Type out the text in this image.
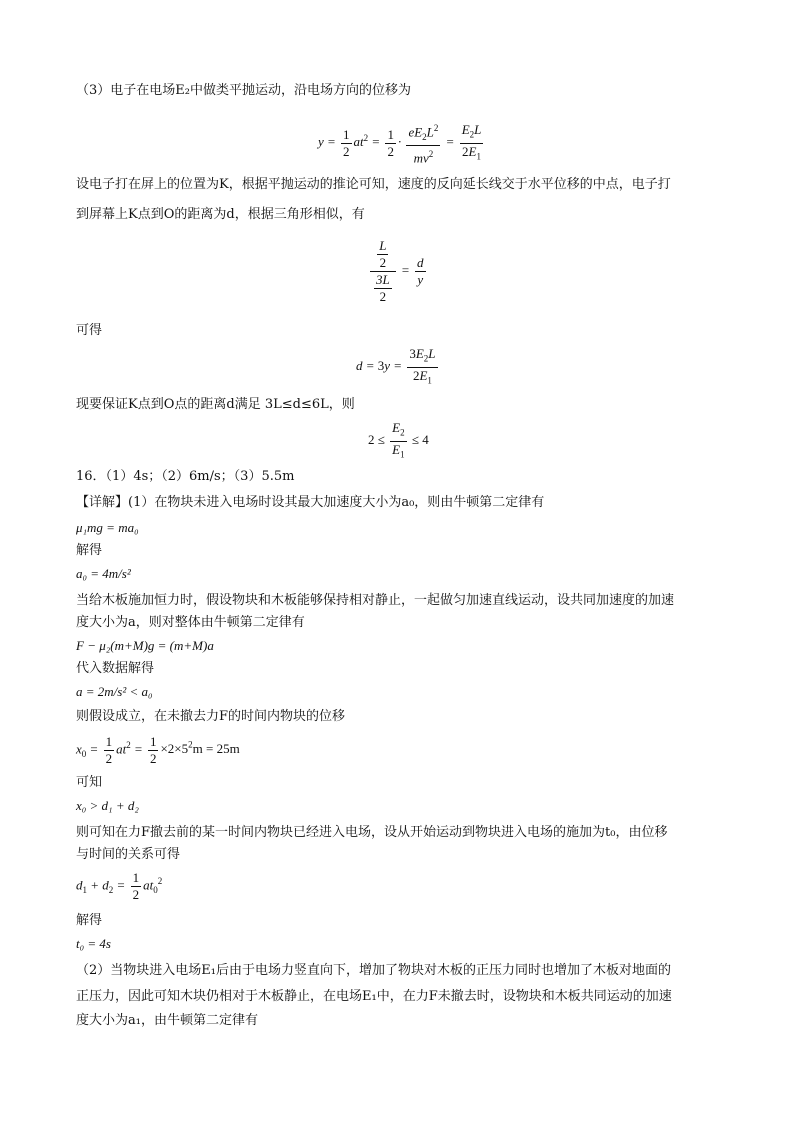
（3）电子在电场E₂中做类平抛运动，沿电场方向的位移为
$y = \frac{1}{2} at^2 = \frac{1}{2} \cdot \frac{eE_2L^2}{mv^2} = \frac{E_2L}{2E_1}$
设电子打在屏上的位置为K，根据平抛运动的推论可知，速度的反向延长线交于水平位移的中点，电子打
到屏幕上K点到O的距离为d，根据三角形相似，有
$\frac{\frac{L}{2}}{\frac{3L}{2}} = \frac{d}{y}$
可得
$d = 3y = \frac{3E_2L}{2E_1}$
现要保证K点到O点的距离d满足 3L≤d≤6L，则
$2 \le \frac{E_2}{E_1} \le 4$
16．（1）4s；（2）6m/s；（3）5.5m
【详解】(1）在物块未进入电场时设其最大加速度大小为a₀，则由牛顿第二定律有
μ₁mg = ma₀
解得
a₀ = 4m/s²
当给木板施加恒力时，假设物块和木板能够保持相对静止，一起做匀加速直线运动，设共同加速度的加速
度大小为a，则对整体由牛顿第二定律有
F − μ₂(m+M)g = (m+M)a
代入数据解得
a = 2m/s² < a₀
则假设成立，在未撤去力F的时间内物块的位移
$x_0 = \frac{1}{2} at^2 = \frac{1}{2} \times 2\times 5^2m = 25m$
可知
x₀ > d₁ + d₂
则可知在力F撤去前的某一时间内物块已经进入电场，设从开始运动到物块进入电场的施加为t₀，由位移
与时间的关系可得
$d_1 + d_2 = \frac{1}{2} at_0^2$
解得
t₀ = 4s
（2）当物块进入电场E₁后由于电场力竖直向下，增加了物块对木板的正压力同时也增加了木板对地面的
正压力，因此可知木块仍相对于木板静止，在电场E₁中，在力F未撤去时，设物块和木板共同运动的加速
度大小为a₁，由牛顿第二定律有
